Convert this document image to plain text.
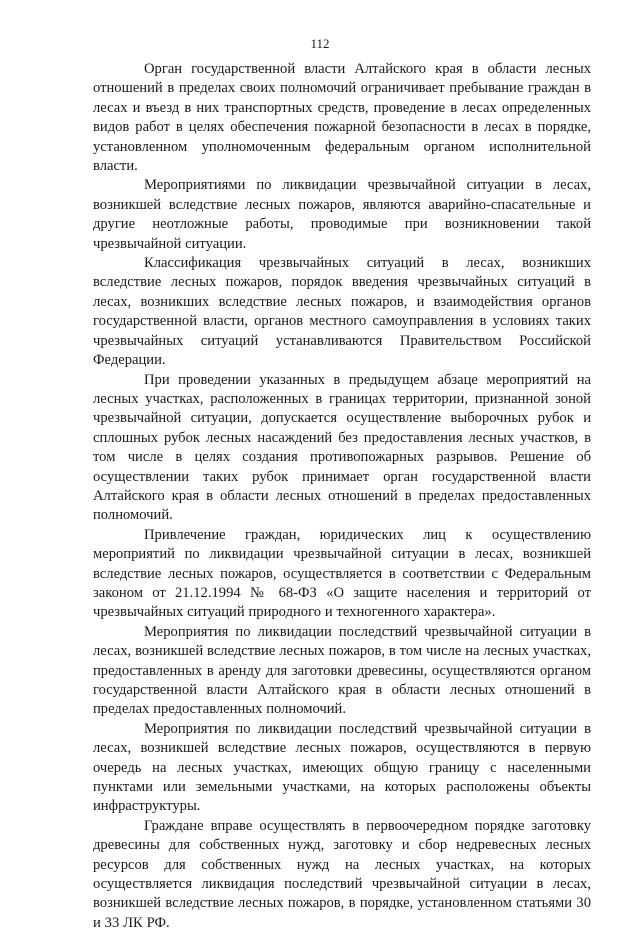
112

Орган государственной власти Алтайского края в области лесных отношений в пределах своих полномочий ограничивает пребывание граждан в лесах и въезд в них транспортных средств, проведение в лесах определенных видов работ в целях обеспечения пожарной безопасности в лесах в порядке, установленном уполномоченным федеральным органом исполнительной власти.

Мероприятиями по ликвидации чрезвычайной ситуации в лесах, возникшей вследствие лесных пожаров, являются аварийно-спасательные и другие неотложные работы, проводимые при возникновении такой чрезвычайной ситуации.

Классификация чрезвычайных ситуаций в лесах, возникших вследствие лесных пожаров, порядок введения чрезвычайных ситуаций в лесах, возникших вследствие лесных пожаров, и взаимодействия органов государственной власти, органов местного самоуправления в условиях таких чрезвычайных ситуаций устанавливаются Правительством Российской Федерации.

При проведении указанных в предыдущем абзаце мероприятий на лесных участках, расположенных в границах территории, признанной зоной чрезвычайной ситуации, допускается осуществление выборочных рубок и сплошных рубок лесных насаждений без предоставления лесных участков, в том числе в целях создания противопожарных разрывов. Решение об осуществлении таких рубок принимает орган государственной власти Алтайского края в области лесных отношений в пределах предоставленных полномочий.

Привлечение граждан, юридических лиц к осуществлению мероприятий по ликвидации чрезвычайной ситуации в лесах, возникшей вследствие лесных пожаров, осуществляется в соответствии с Федеральным законом от 21.12.1994 № 68-ФЗ «О защите населения и территорий от чрезвычайных ситуаций природного и техногенного характера».

Мероприятия по ликвидации последствий чрезвычайной ситуации в лесах, возникшей вследствие лесных пожаров, в том числе на лесных участках, предоставленных в аренду для заготовки древесины, осуществляются органом государственной власти Алтайского края в области лесных отношений в пределах предоставленных полномочий.

Мероприятия по ликвидации последствий чрезвычайной ситуации в лесах, возникшей вследствие лесных пожаров, осуществляются в первую очередь на лесных участках, имеющих общую границу с населенными пунктами или земельными участками, на которых расположены объекты инфраструктуры.

Граждане вправе осуществлять в первоочередном порядке заготовку древесины для собственных нужд, заготовку и сбор недревесных лесных ресурсов для собственных нужд на лесных участках, на которых осуществляется ликвидация последствий чрезвычайной ситуации в лесах, возникшей вследствие лесных пожаров, в порядке, установленном статьями 30 и 33 ЛК РФ.
